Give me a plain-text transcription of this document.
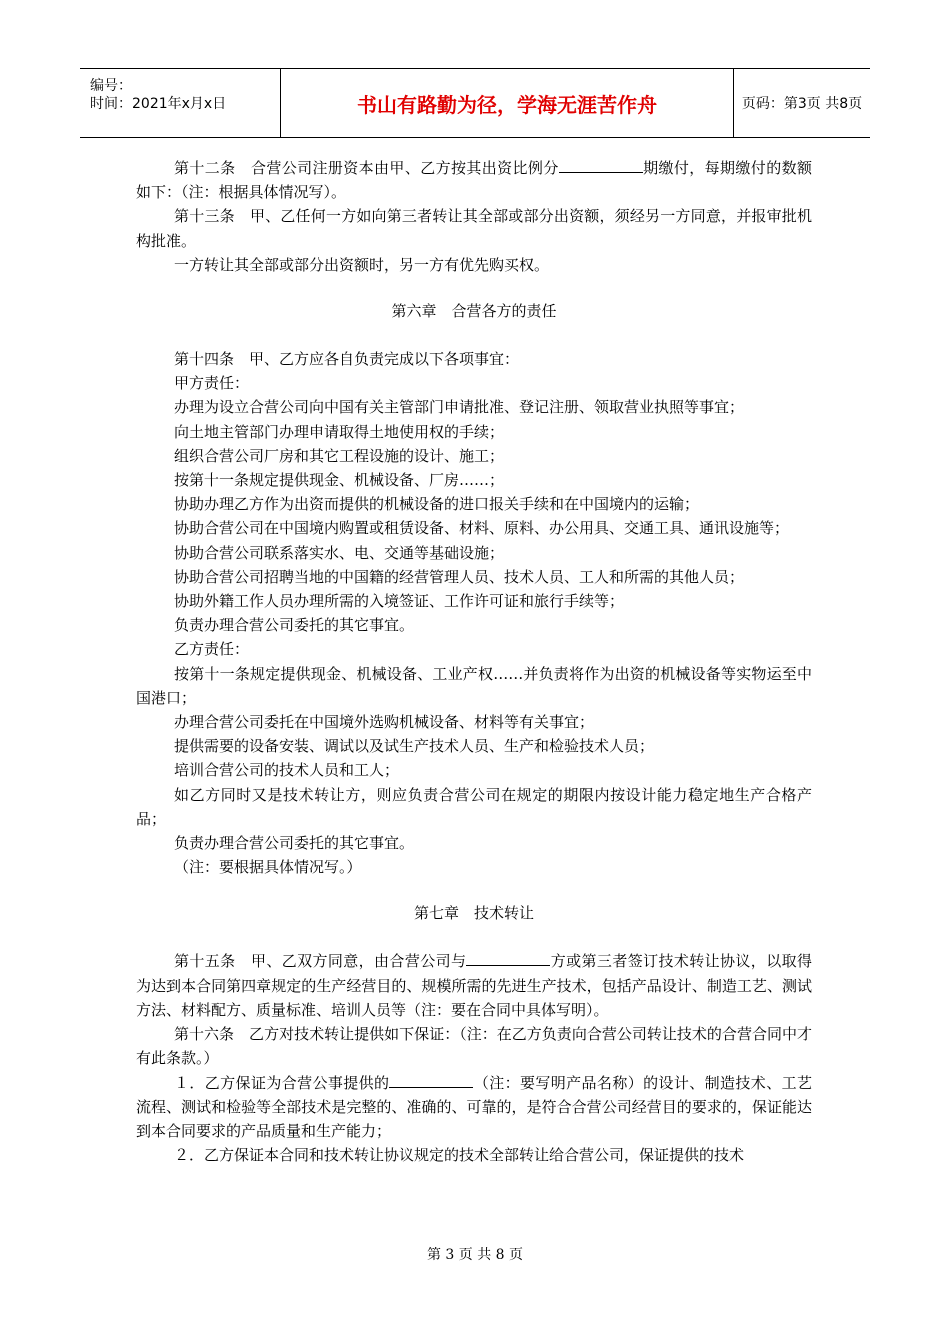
编号：
时间：2021年x月x日	书山有路勤为径，学海无涯苦作舟	页码：第3页 共8页

第十二条　合营公司注册资本由甲、乙方按其出资比例分	期缴付，每期缴付的数额如下：（注：根据具体情况写）。

第十三条　甲、乙任何一方如向第三者转让其全部或部分出资额，须经另一方同意，并报审批机构批准。

一方转让其全部或部分出资额时，另一方有优先购买权。

第六章　合营各方的责任

第十四条　甲、乙方应各自负责完成以下各项事宜：

甲方责任：

办理为设立合营公司向中国有关主管部门申请批准、登记注册、领取营业执照等事宜；

向土地主管部门办理申请取得土地使用权的手续；

组织合营公司厂房和其它工程设施的设计、施工；

按第十一条规定提供现金、机械设备、厂房……；

协助办理乙方作为出资而提供的机械设备的进口报关手续和在中国境内的运输；

协助合营公司在中国境内购置或租赁设备、材料、原料、办公用具、交通工具、通讯设施等；

协助合营公司联系落实水、电、交通等基础设施；

协助合营公司招聘当地的中国籍的经营管理人员、技术人员、工人和所需的其他人员；

协助外籍工作人员办理所需的入境签证、工作许可证和旅行手续等；

负责办理合营公司委托的其它事宜。

乙方责任：

按第十一条规定提供现金、机械设备、工业产权……并负责将作为出资的机械设备等实物运至中国港口；

办理合营公司委托在中国境外选购机械设备、材料等有关事宜；

提供需要的设备安装、调试以及试生产技术人员、生产和检验技术人员；

培训合营公司的技术人员和工人；

如乙方同时又是技术转让方，则应负责合营公司在规定的期限内按设计能力稳定地生产合格产品；

负责办理合营公司委托的其它事宜。

（注：要根据具体情况写。）

第七章　技术转让

第十五条　甲、乙双方同意，由合营公司与	方或第三者签订技术转让协议，以取得为达到本合同第四章规定的生产经营目的、规模所需的先进生产技术，包括产品设计、制造工艺、测试方法、材料配方、质量标准、培训人员等（注：要在合同中具体写明）。

第十六条　乙方对技术转让提供如下保证：（注：在乙方负责向合营公司转让技术的合营合同中才有此条款。）

１．乙方保证为合营公事提供的	（注：要写明产品名称）的设计、制造技术、工艺流程、测试和检验等全部技术是完整的、准确的、可靠的，是符合合营公司经营目的要求的，保证能达到本合同要求的产品质量和生产能力；

２．乙方保证本合同和技术转让协议规定的技术全部转让给合营公司，保证提供的技术

第 3 页 共 8 页
